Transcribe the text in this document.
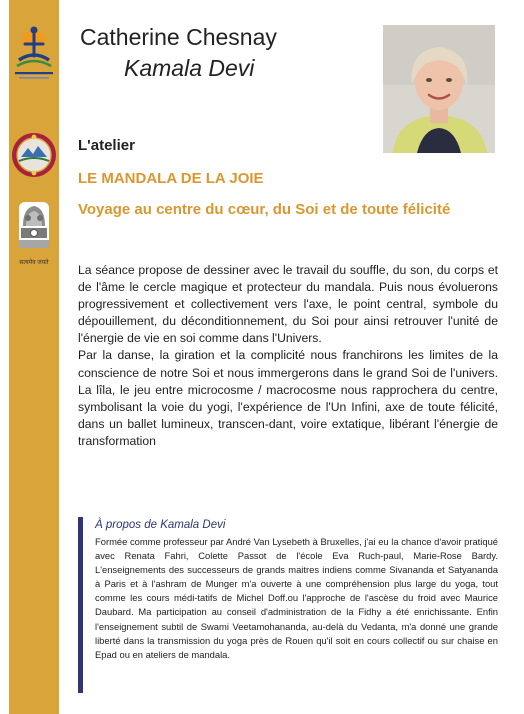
सत्यमेव जयते
Catherine Chesnay
Kamala Devi
L'atelier
LE MANDALA DE LA JOIE
Voyage au centre du cœur, du Soi et de toute félicité

La séance propose de dessiner avec le travail du souffle, du son, du corps et de l'âme le cercle magique et protecteur du mandala. Puis nous évoluerons progressivement et collectivement vers l'axe, le point central, symbole du dépouillement, du déconditionnement, du Soi pour ainsi retrouver l'unité de l'énergie de vie en soi comme dans l'Univers.

Par la danse, la giration et la complicité nous franchirons les limites de la conscience de notre Soi et nous immergerons dans le grand Soi de l'univers. La lîla, le jeu entre microcosme / macrocosme nous rapprochera du centre, symbolisant la voie du yogi, l'expérience de l'Un Infini, axe de toute félicité, dans un ballet lumineux, transcen-dant, voire extatique, libérant l'énergie de transformation

À propos de Kamala Devi
Formée comme professeur par André Van Lysebeth à Bruxelles, j'ai eu la chance d'avoir pratiqué avec Renata Fahri, Colette Passot de l'école Eva Ruch-paul, Marie-Rose Bardy. L'enseignements des successeurs de grands maitres indiens comme Sivananda et Satyananda à Paris et à l'ashram de Munger m'a ouverte à une compréhension plus large du yoga, tout comme les cours médi-tatifs de Michel Doff.ou l'approche de l'ascèse du froid avec Maurice Daubard. Ma participation au conseil d'administration de la Fidhy a été enrichissante. Enfin l'enseignement subtil de Swami Veetamohananda, au-delà du Vedanta, m'a donné une grande liberté dans la transmission du yoga près de Rouen qu'il soit en cours collectif ou sur chaise en Epad ou en ateliers de mandala.
